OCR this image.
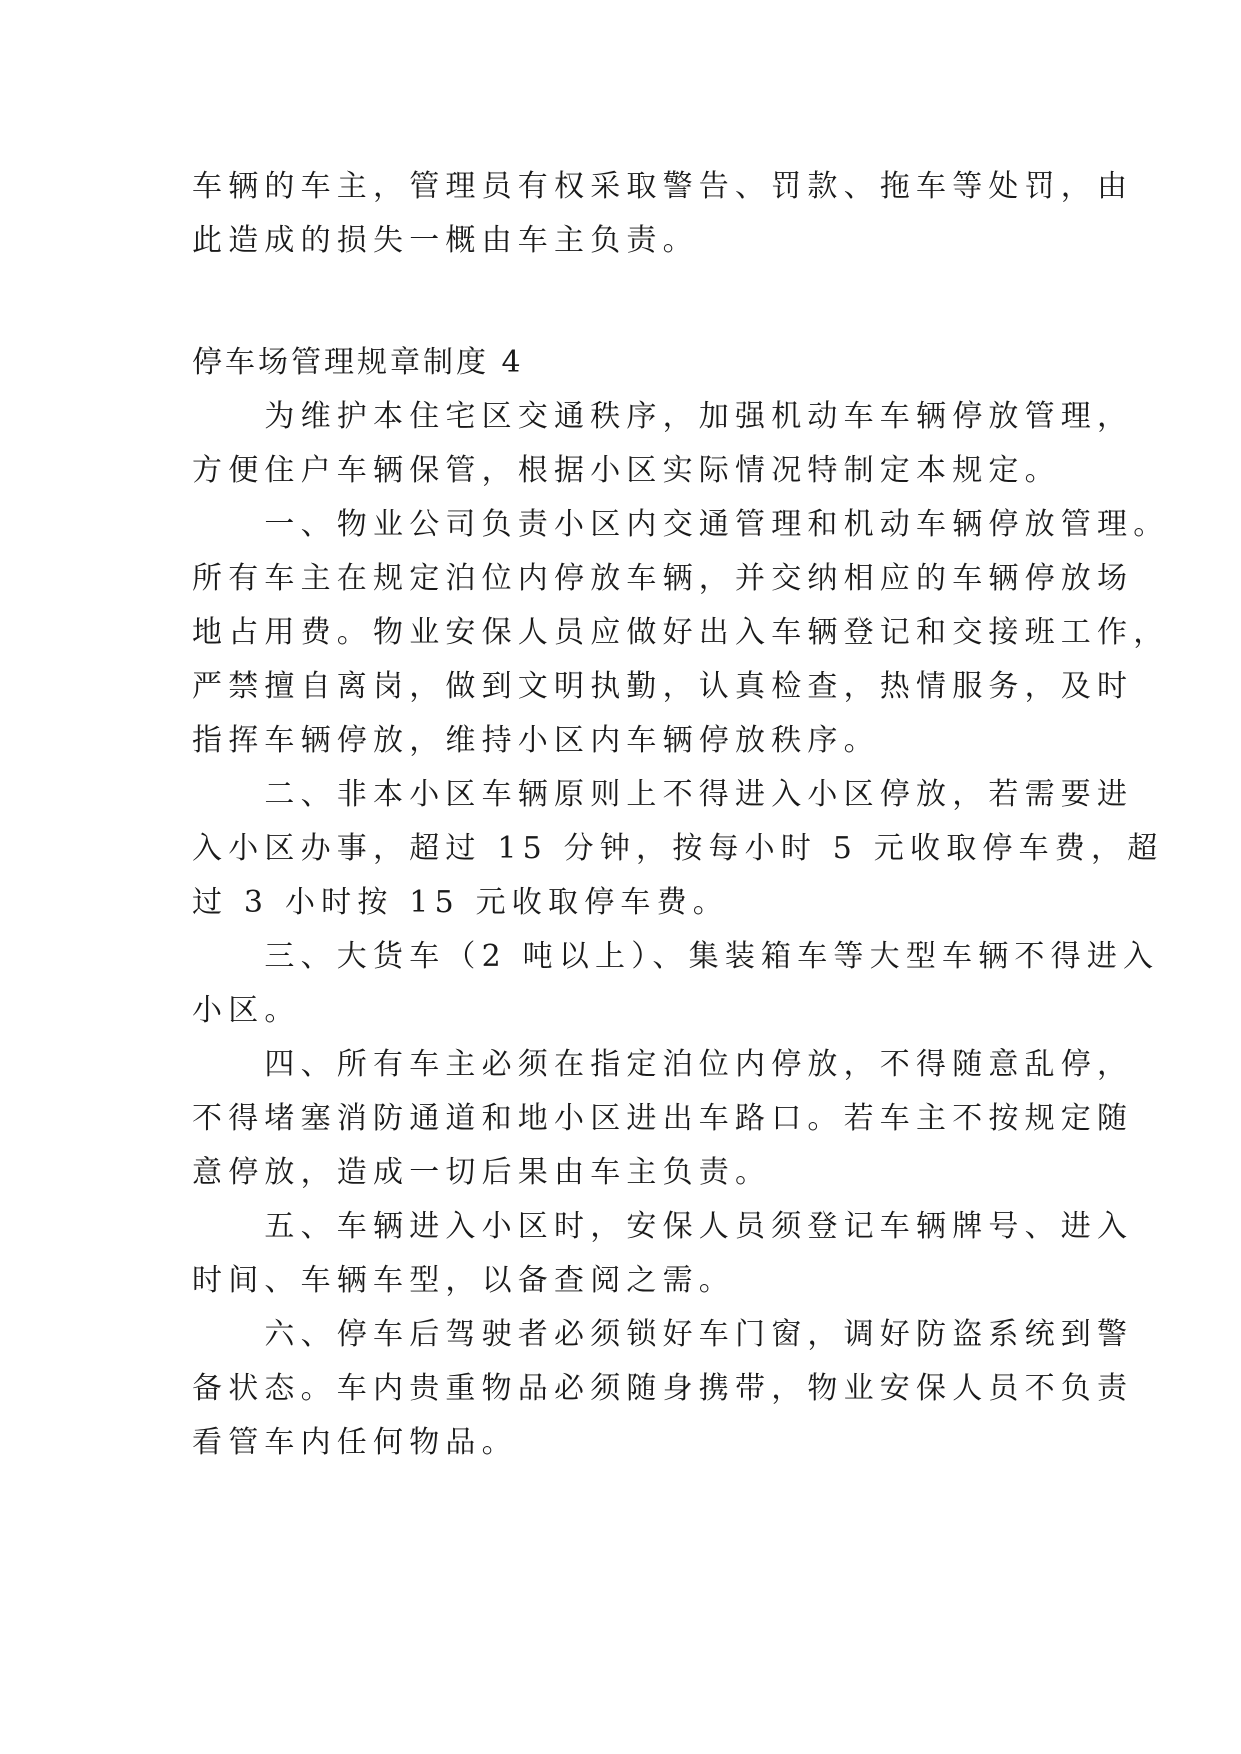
车辆的车主，管理员有权采取警告、罚款、拖车等处罚，由
此造成的损失一概由车主负责。
停车场管理规章制度 4
　　为维护本住宅区交通秩序，加强机动车车辆停放管理，
方便住户车辆保管，根据小区实际情况特制定本规定。
　　一、物业公司负责小区内交通管理和机动车辆停放管理。
所有车主在规定泊位内停放车辆，并交纳相应的车辆停放场
地占用费。物业安保人员应做好出入车辆登记和交接班工作，
严禁擅自离岗，做到文明执勤，认真检查，热情服务，及时
指挥车辆停放，维持小区内车辆停放秩序。
　　二、非本小区车辆原则上不得进入小区停放，若需要进
入小区办事，超过 15 分钟，按每小时 5 元收取停车费，超
过 3 小时按 15 元收取停车费。
　　三、大货车（2 吨以上）、集装箱车等大型车辆不得进入
小区。
　　四、所有车主必须在指定泊位内停放，不得随意乱停，
不得堵塞消防通道和地小区进出车路口。若车主不按规定随
意停放，造成一切后果由车主负责。
　　五、车辆进入小区时，安保人员须登记车辆牌号、进入
时间、车辆车型，以备查阅之需。
　　六、停车后驾驶者必须锁好车门窗，调好防盗系统到警
备状态。车内贵重物品必须随身携带，物业安保人员不负责
看管车内任何物品。
